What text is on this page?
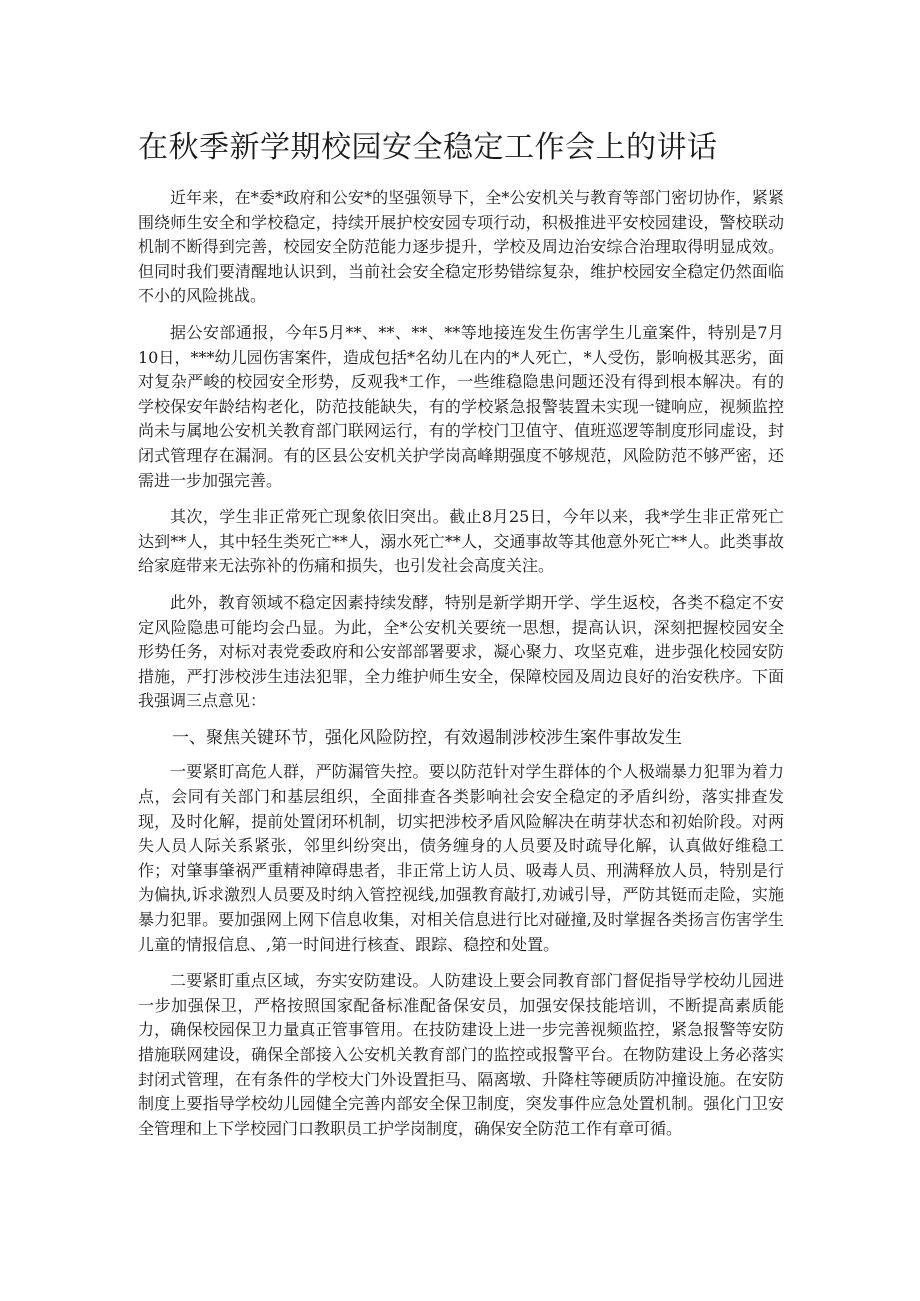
在秋季新学期校园安全稳定工作会上的讲话

近年来，在*委*政府和公安*的坚强领导下，全*公安机关与教育等部门密切协作，紧紧围绕师生安全和学校稳定，持续开展护校安园专项行动，积极推进平安校园建设，警校联动机制不断得到完善，校园安全防范能力逐步提升，学校及周边治安综合治理取得明显成效。但同时我们要清醒地认识到，当前社会安全稳定形势错综复杂，维护校园安全稳定仍然面临不小的风险挑战。

据公安部通报，今年5月**、**、**、**等地接连发生伤害学生儿童案件，特别是7月10日，***幼儿园伤害案件，造成包括*名幼儿在内的*人死亡，*人受伤，影响极其恶劣，面对复杂严峻的校园安全形势，反观我*工作，一些维稳隐患问题还没有得到根本解决。有的学校保安年龄结构老化，防范技能缺失，有的学校紧急报警装置未实现一键响应，视频监控尚未与属地公安机关教育部门联网运行，有的学校门卫值守、值班巡逻等制度形同虚设，封闭式管理存在漏洞。有的区县公安机关护学岗高峰期强度不够规范，风险防范不够严密，还需进一步加强完善。

其次，学生非正常死亡现象依旧突出。截止8月25日，今年以来，我*学生非正常死亡达到**人，其中轻生类死亡**人，溺水死亡**人，交通事故等其他意外死亡**人。此类事故给家庭带来无法弥补的伤痛和损失，也引发社会高度关注。

此外，教育领域不稳定因素持续发酵，特别是新学期开学、学生返校，各类不稳定不安定风险隐患可能均会凸显。为此，全*公安机关要统一思想，提高认识，深刻把握校园安全形势任务，对标对表党委政府和公安部部署要求，凝心聚力、攻坚克难，进步强化校园安防措施，严打涉校涉生违法犯罪，全力维护师生安全，保障校园及周边良好的治安秩序。下面我强调三点意见：

一、聚焦关键环节，强化风险防控，有效遏制涉校涉生案件事故发生

一要紧盯高危人群，严防漏管失控。要以防范针对学生群体的个人极端暴力犯罪为着力点，会同有关部门和基层组织，全面排查各类影响社会安全稳定的矛盾纠纷，落实排查发现，及时化解，提前处置闭环机制，切实把涉校矛盾风险解决在萌芽状态和初始阶段。对两失人员人际关系紧张，邻里纠纷突出，债务缠身的人员要及时疏导化解，认真做好维稳工作；对肇事肇祸严重精神障碍患者，非正常上访人员、吸毒人员、刑满释放人员，特别是行为偏执,诉求激烈人员要及时纳入管控视线,加强教育敲打,劝诫引导，严防其铤而走险，实施暴力犯罪。要加强网上网下信息收集，对相关信息进行比对碰撞,及时掌握各类扬言伤害学生儿童的情报信息、,第一时间进行核查、跟踪、稳控和处置。

二要紧盯重点区域，夯实安防建设。人防建设上要会同教育部门督促指导学校幼儿园进一步加强保卫，严格按照国家配备标准配备保安员，加强安保技能培训，不断提高素质能力，确保校园保卫力量真正管事管用。在技防建设上进一步完善视频监控，紧急报警等安防措施联网建设，确保全部接入公安机关教育部门的监控或报警平台。在物防建设上务必落实封闭式管理，在有条件的学校大门外设置拒马、隔离墩、升降柱等硬质防冲撞设施。在安防制度上要指导学校幼儿园健全完善内部安全保卫制度，突发事件应急处置机制。强化门卫安全管理和上下学校园门口教职员工护学岗制度，确保安全防范工作有章可循。
